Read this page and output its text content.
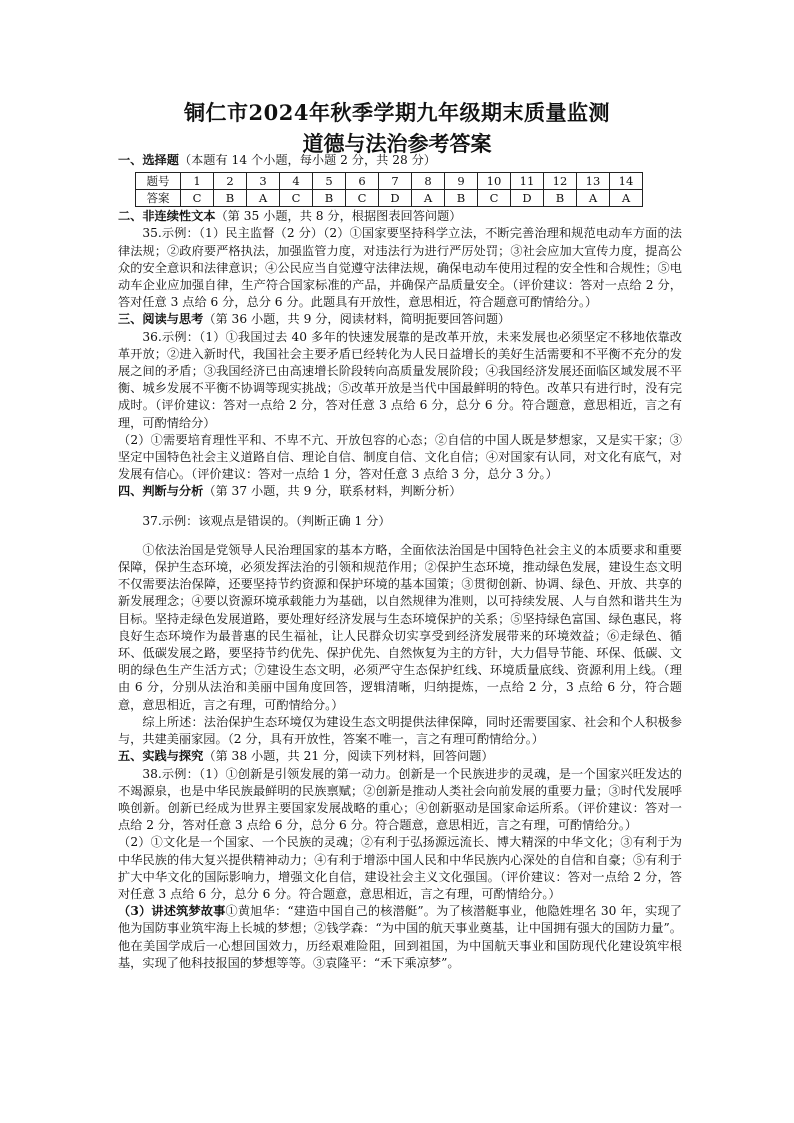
铜仁市2024年秋季学期九年级期末质量监测
道德与法治参考答案

一、选择题（本题有 14 个小题，每小题 2 分，共 28 分）

题号	1	2	3	4	5	6	7	8	9	10	11	12	13	14
答案	C	B	A	C	B	C	D	A	B	C	D	B	A	A

二、非连续性文本（第 35 小题，共 8 分，根据图表回答问题）

35.示例：（1）民主监督（2 分）（2）①国家要坚持科学立法，不断完善治理和规范电动车方面的法律法规；②政府要严格执法，加强监管力度，对违法行为进行严厉处罚；③社会应加大宣传力度，提高公众的安全意识和法律意识；④公民应当自觉遵守法律法规，确保电动车使用过程的安全性和合规性；⑤电动车企业应加强自律，生产符合国家标准的产品，并确保产品质量安全。（评价建议：答对一点给 2 分，答对任意 3 点给 6 分，总分 6 分。此题具有开放性，意思相近，符合题意可酌情给分。）

三、阅读与思考（第 36 小题，共 9 分，阅读材料，简明扼要回答问题）

36.示例：（1）①我国过去 40 多年的快速发展靠的是改革开放，未来发展也必须坚定不移地依靠改革开放；②进入新时代，我国社会主要矛盾已经转化为人民日益增长的美好生活需要和不平衡不充分的发展之间的矛盾；③我国经济已由高速增长阶段转向高质量发展阶段；④我国经济发展还面临区域发展不平衡、城乡发展不平衡不协调等现实挑战；⑤改革开放是当代中国最鲜明的特色。改革只有进行时，没有完成时。（评价建议：答对一点给 2 分，答对任意 3 点给 6 分，总分 6 分。符合题意，意思相近，言之有理，可酌情给分）

（2）①需要培育理性平和、不卑不亢、开放包容的心态；②自信的中国人既是梦想家，又是实干家；③坚定中国特色社会主义道路自信、理论自信、制度自信、文化自信；④对国家有认同，对文化有底气，对发展有信心。（评价建议：答对一点给 1 分，答对任意 3 点给 3 分，总分 3 分。）

四、判断与分析（第 37 小题，共 9 分，联系材料，判断分析）

37.示例：该观点是错误的。（判断正确 1 分）

①依法治国是党领导人民治理国家的基本方略，全面依法治国是中国特色社会主义的本质要求和重要保障，保护生态环境，必须发挥法治的引领和规范作用；②保护生态环境，推动绿色发展，建设生态文明不仅需要法治保障，还要坚持节约资源和保护环境的基本国策；③贯彻创新、协调、绿色、开放、共享的新发展理念；④要以资源环境承载能力为基础，以自然规律为准则，以可持续发展、人与自然和谐共生为目标。坚持走绿色发展道路，要处理好经济发展与生态环境保护的关系；⑤坚持绿色富国、绿色惠民，将良好生态环境作为最普惠的民生福祉，让人民群众切实享受到经济发展带来的环境效益；⑥走绿色、循环、低碳发展之路，要坚持节约优先、保护优先、自然恢复为主的方针，大力倡导节能、环保、低碳、文明的绿色生产生活方式；⑦建设生态文明，必须严守生态保护红线、环境质量底线、资源利用上线。（理由 6 分，分别从法治和美丽中国角度回答，逻辑清晰，归纳提炼，一点给 2 分，3 点给 6 分，符合题意，意思相近，言之有理，可酌情给分。）

综上所述：法治保护生态环境仅为建设生态文明提供法律保障，同时还需要国家、社会和个人积极参与，共建美丽家园。（2 分，具有开放性，答案不唯一，言之有理可酌情给分。）

五、实践与探究（第 38 小题，共 21 分，阅读下列材料，回答问题）

38.示例：（1）①创新是引领发展的第一动力。创新是一个民族进步的灵魂，是一个国家兴旺发达的不竭源泉，也是中华民族最鲜明的民族禀赋；②创新是推动人类社会向前发展的重要力量；③时代发展呼唤创新。创新已经成为世界主要国家发展战略的重心；④创新驱动是国家命运所系。（评价建议：答对一点给 2 分，答对任意 3 点给 6 分，总分 6 分。符合题意，意思相近，言之有理，可酌情给分。）

（2）①文化是一个国家、一个民族的灵魂；②有利于弘扬源远流长、博大精深的中华文化；③有利于为中华民族的伟大复兴提供精神动力；④有利于增添中国人民和中华民族内心深处的自信和自豪；⑤有利于扩大中华文化的国际影响力，增强文化自信，建设社会主义文化强国。（评价建议：答对一点给 2 分，答对任意 3 点给 6 分，总分 6 分。符合题意，意思相近，言之有理，可酌情给分。）

（3）讲述筑梦故事①黄旭华：“建造中国自己的核潜艇”。为了核潜艇事业，他隐姓埋名 30 年，实现了他为国防事业筑牢海上长城的梦想；②钱学森：“为中国的航天事业奠基，让中国拥有强大的国防力量”。他在美国学成后一心想回国效力，历经艰难险阻，回到祖国，为中国航天事业和国防现代化建设筑牢根基，实现了他科技报国的梦想等等。③袁隆平：“禾下乘凉梦”。
